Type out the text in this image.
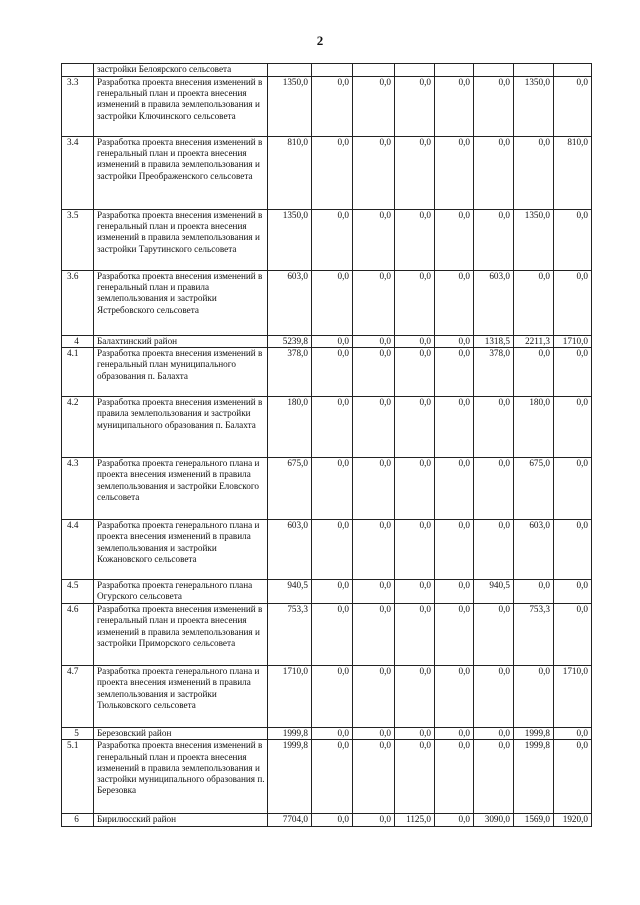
2
	застройки Белоярского сельсовета								
3.3	Разработка проекта внесения изменений в генеральный план и проекта внесения изменений в правила землепользования и застройки Ключинского сельсовета	1350,0	0,0	0,0	0,0	0,0	0,0	1350,0	0,0
3.4	Разработка проекта внесения изменений в генеральный план и проекта внесения изменений в правила землепользования и застройки Преображенского сельсовета	810,0	0,0	0,0	0,0	0,0	0,0	0,0	810,0
3.5	Разработка проекта внесения изменений в генеральный план и проекта внесения изменений в правила землепользования и застройки Тарутинского сельсовета	1350,0	0,0	0,0	0,0	0,0	0,0	1350,0	0,0
3.6	Разработка проекта внесения изменений в генеральный план и правила землепользования и застройки Ястребовского сельсовета	603,0	0,0	0,0	0,0	0,0	603,0	0,0	0,0
4	Балахтинский район	5239,8	0,0	0,0	0,0	0,0	1318,5	2211,3	1710,0
4.1	Разработка проекта внесения изменений в генеральный план муниципального образования п. Балахта	378,0	0,0	0,0	0,0	0,0	378,0	0,0	0,0
4.2	Разработка проекта внесения изменений в правила землепользования и застройки муниципального образования п. Балахта	180,0	0,0	0,0	0,0	0,0	0,0	180,0	0,0
4.3	Разработка проекта генерального плана и проекта внесения изменений в правила землепользования и застройки Еловского сельсовета	675,0	0,0	0,0	0,0	0,0	0,0	675,0	0,0
4.4	Разработка проекта генерального плана и проекта внесения изменений в правила землепользования и застройки Кожановского сельсовета	603,0	0,0	0,0	0,0	0,0	0,0	603,0	0,0
4.5	Разработка проекта генерального плана Огурского сельсовета	940,5	0,0	0,0	0,0	0,0	940,5	0,0	0,0
4.6	Разработка проекта внесения изменений в генеральный план и проекта внесения изменений в правила землепользования и застройки Приморского сельсовета	753,3	0,0	0,0	0,0	0,0	0,0	753,3	0,0
4.7	Разработка проекта генерального плана и проекта внесения изменений в правила землепользования и застройки Тюльковского сельсовета	1710,0	0,0	0,0	0,0	0,0	0,0	0,0	1710,0
5	Березовский район	1999,8	0,0	0,0	0,0	0,0	0,0	1999,8	0,0
5.1	Разработка проекта внесения изменений в генеральный план и проекта внесения изменений в правила землепользования и застройки муниципального образования п. Березовка	1999,8	0,0	0,0	0,0	0,0	0,0	1999,8	0,0
6	Бирилюсский район	7704,0	0,0	0,0	1125,0	0,0	3090,0	1569,0	1920,0
